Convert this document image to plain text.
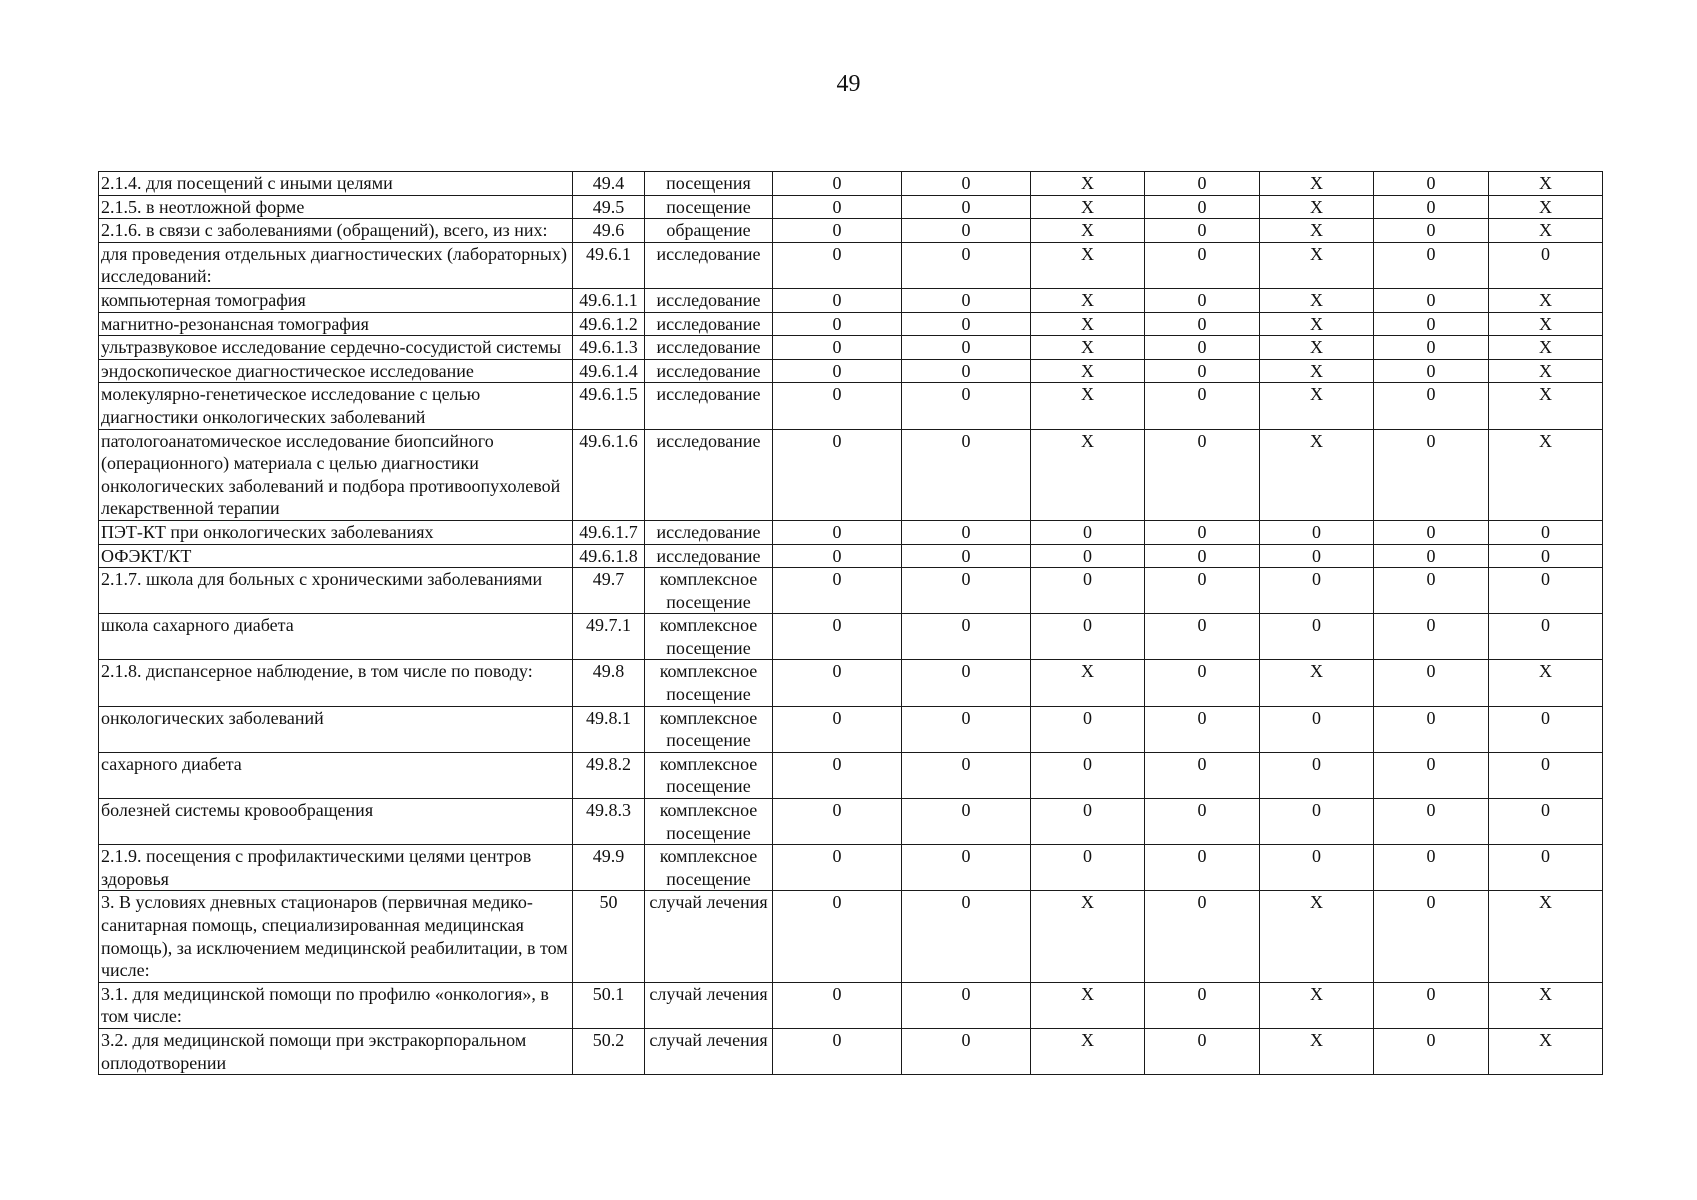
49
2.1.4. для посещений с иными целями	49.4	посещения	0	0	X	0	X	0	X
2.1.5. в неотложной форме	49.5	посещение	0	0	X	0	X	0	X
2.1.6. в связи с заболеваниями (обращений), всего, из них:	49.6	обращение	0	0	X	0	X	0	X
для проведения отдельных диагностических (лабораторных) исследований:	49.6.1	исследование	0	0	X	0	X	0	0
компьютерная томография	49.6.1.1	исследование	0	0	X	0	X	0	X
магнитно-резонансная томография	49.6.1.2	исследование	0	0	X	0	X	0	X
ультразвуковое исследование сердечно-сосудистой системы	49.6.1.3	исследование	0	0	X	0	X	0	X
эндоскопическое диагностическое исследование	49.6.1.4	исследование	0	0	X	0	X	0	X
молекулярно-генетическое исследование с целью диагностики онкологических заболеваний	49.6.1.5	исследование	0	0	X	0	X	0	X
патологоанатомическое исследование биопсийного (операционного) материала с целью диагностики онкологических заболеваний и подбора противоопухолевой лекарственной терапии	49.6.1.6	исследование	0	0	X	0	X	0	X
ПЭТ-КТ при онкологических заболеваниях	49.6.1.7	исследование	0	0	0	0	0	0	0
ОФЭКТ/КТ	49.6.1.8	исследование	0	0	0	0	0	0	0
2.1.7. школа для больных с хроническими заболеваниями	49.7	комплексное посещение	0	0	0	0	0	0	0
школа сахарного диабета	49.7.1	комплексное посещение	0	0	0	0	0	0	0
2.1.8. диспансерное наблюдение, в том числе по поводу:	49.8	комплексное посещение	0	0	X	0	X	0	X
онкологических заболеваний	49.8.1	комплексное посещение	0	0	0	0	0	0	0
сахарного диабета	49.8.2	комплексное посещение	0	0	0	0	0	0	0
болезней системы кровообращения	49.8.3	комплексное посещение	0	0	0	0	0	0	0
2.1.9. посещения с профилактическими целями центров здоровья	49.9	комплексное посещение	0	0	0	0	0	0	0
3. В условиях дневных стационаров (первичная медико-санитарная помощь, специализированная медицинская помощь), за исключением медицинской реабилитации, в том числе:	50	случай лечения	0	0	X	0	X	0	X
3.1. для медицинской помощи по профилю «онкология», в том числе:	50.1	случай лечения	0	0	X	0	X	0	X
3.2. для медицинской помощи при экстракорпоральном оплодотворении	50.2	случай лечения	0	0	X	0	X	0	X
